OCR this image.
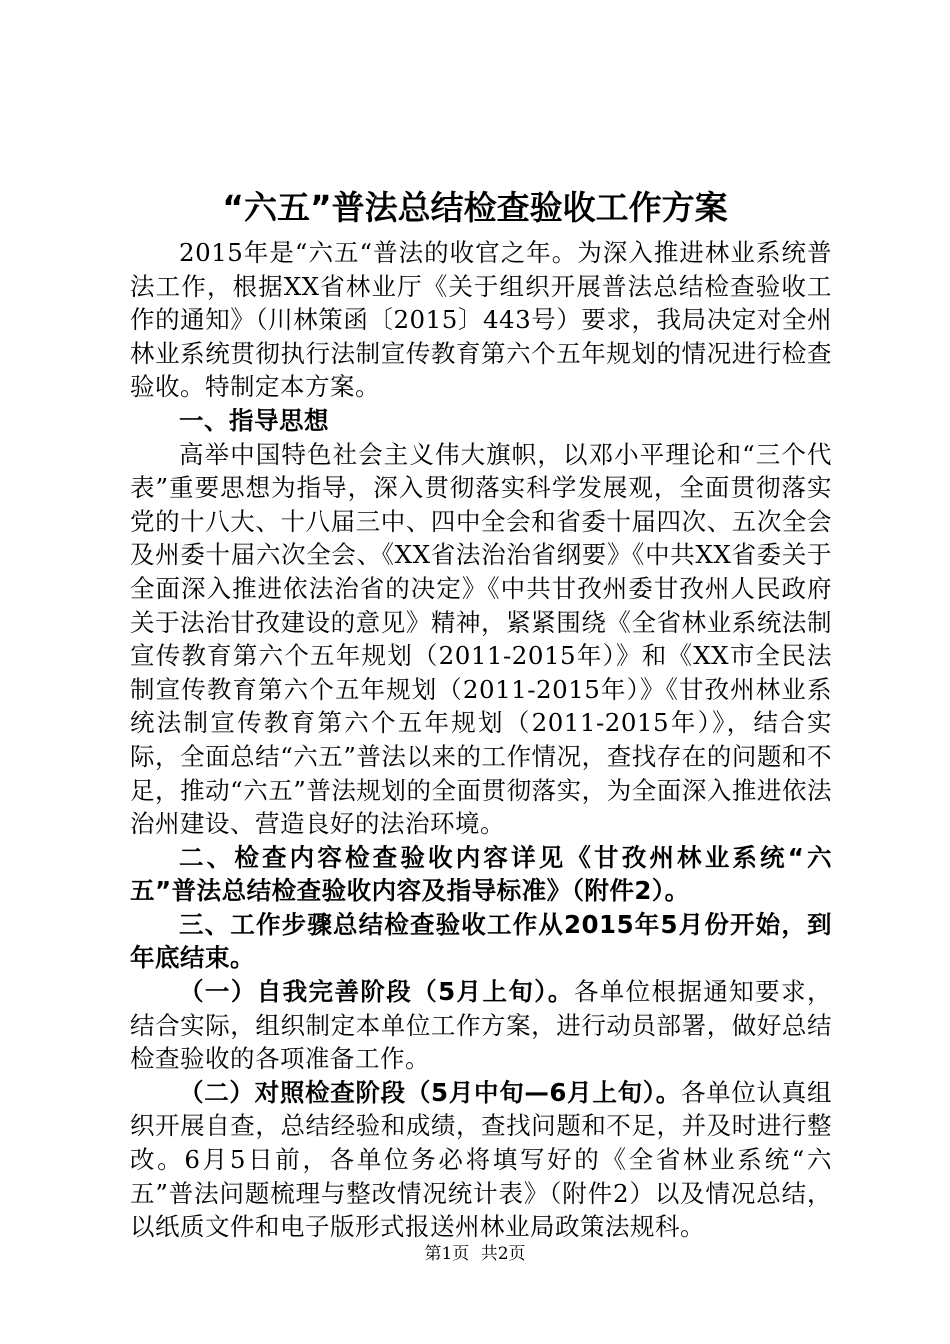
“六五”普法总结检查验收工作方案

2015年是“六五“普法的收官之年。为深入推进林业系统普法工作，根据XX省林业厅《关于组织开展普法总结检查验收工作的通知》（川林策函〔2015〕443号）要求，我局决定对全州林业系统贯彻执行法制宣传教育第六个五年规划的情况进行检查验收。特制定本方案。

一、指导思想

高举中国特色社会主义伟大旗帜，以邓小平理论和“三个代表”重要思想为指导，深入贯彻落实科学发展观，全面贯彻落实党的十八大、十八届三中、四中全会和省委十届四次、五次全会及州委十届六次全会、《XX省法治治省纲要》《中共XX省委关于全面深入推进依法治省的决定》《中共甘孜州委甘孜州人民政府关于法治甘孜建设的意见》精神，紧紧围绕《全省林业系统法制宣传教育第六个五年规划（2011-2015年）》和《XX市全民法制宣传教育第六个五年规划（2011-2015年）》《甘孜州林业系统法制宣传教育第六个五年规划（2011-2015年）》，结合实际，全面总结“六五”普法以来的工作情况，查找存在的问题和不足，推动“六五”普法规划的全面贯彻落实，为全面深入推进依法治州建设、营造良好的法治环境。

二、检查内容检查验收内容详见《甘孜州林业系统“六五”普法总结检查验收内容及指导标准》（附件2）。

三、工作步骤总结检查验收工作从2015年5月份开始，到年底结束。

（一）自我完善阶段（5月上旬）。各单位根据通知要求，结合实际，组织制定本单位工作方案，进行动员部署，做好总结检查验收的各项准备工作。

（二）对照检查阶段（5月中旬—6月上旬）。各单位认真组织开展自查，总结经验和成绩，查找问题和不足，并及时进行整改。6月5日前，各单位务必将填写好的《全省林业系统“六五”普法问题梳理与整改情况统计表》（附件2）以及情况总结，以纸质文件和电子版形式报送州林业局政策法规科。

第1页 共2页
